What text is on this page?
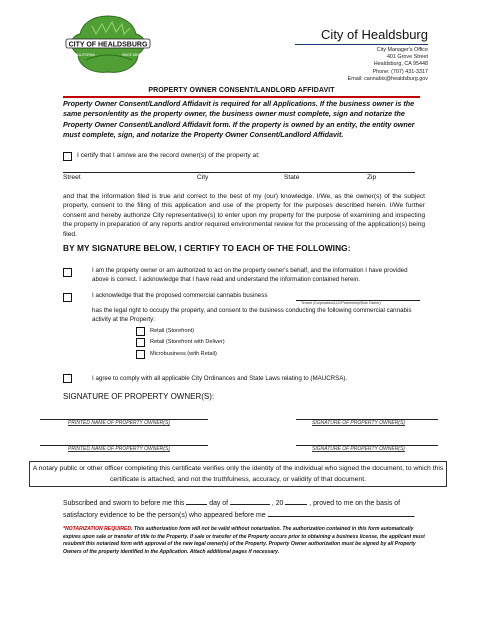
CITY OF HEALDSBURG
CALIFORNIA	SINCE 1867
City of Healdsburg
City Manager's Office
401 Grove Street
Healdsburg, CA 95448
Phone: (707) 431-3317
Email: cannabis@healdsburg.gov
PROPERTY OWNER CONSENT/LANDLORD AFFIDAVIT
Property Owner Consent/Landlord Affidavit is required for all Applications. If the business owner is the same person/entity as the property owner, the business owner must complete, sign and notarize the Property Owner Consent/Landlord Affidavit form. If the property is owned by an entity, the entity owner must complete, sign, and notarize the Property Owner Consent/Landlord Affidavit.
I certify that I am/we are the record owner(s) of the property at:
Street	City	State	Zip
and that the information filed is true and correct to the best of my (our) knowledge. I/We, as the owner(s) of the subject property, consent to the filing of this application and use of the property for the purposes described herein. I/We further consent and hereby authorize City representative(s) to enter upon my property for the purpose of examining and inspecting the property in preparation of any reports and/or required environmental review for the processing of the application(s) being filed.
BY MY SIGNATURE BELOW, I CERTIFY TO EACH OF THE FOLLOWING:
I am the property owner or am authorized to act on the property owner's behalf, and the information I have provided above is correct. I acknowledge that I have read and understand the information contained herein.
I acknowledge that the proposed commercial cannabis business
Tenant (Corporation/LLC/Partnership/Sole Owner)
has the legal right to occupy the property, and consent to the business conducting the following commercial cannabis activity at the Property:
Retail (Storefront)
Retail (Storefront with Deliver)
Microbusiness (with Retail)
I agree to comply with all applicable City Ordinances and State Laws relating to (MAUCRSA).
SIGNATURE OF PROPERTY OWNER(S):
PRINTED NAME OF PROPERTY OWNER(S)	SIGNATURE OF PROPERTY OWNER(S)
PRINTED NAME OF PROPERTY OWNER(S)	SIGNATURE OF PROPERTY OWNER(S)
A notary public or other officer completing this certificate verifies only the identity of the individual who signed the document, to which this certificate is attached, and not the truthfulness, accuracy, or validity of that document.
Subscribed and sworn to before me this	day of	, 20	, proved to me on the basis of
satisfactory evidence to be the person(s) who appeared before me	.
*NOTARIZATION REQUIRED. This authorization form will not be valid without notarization. The authorization contained in this form automatically expires upon sale or transfer of title to the Property. If sale or transfer of the Property occurs prior to obtaining a business license, the applicant must resubmit this notarized form with approval of the new legal owner(s) of the Property. Property Owner authorization must be signed by all Property Owners of the property identified in the Application. Attach additional pages if necessary.
